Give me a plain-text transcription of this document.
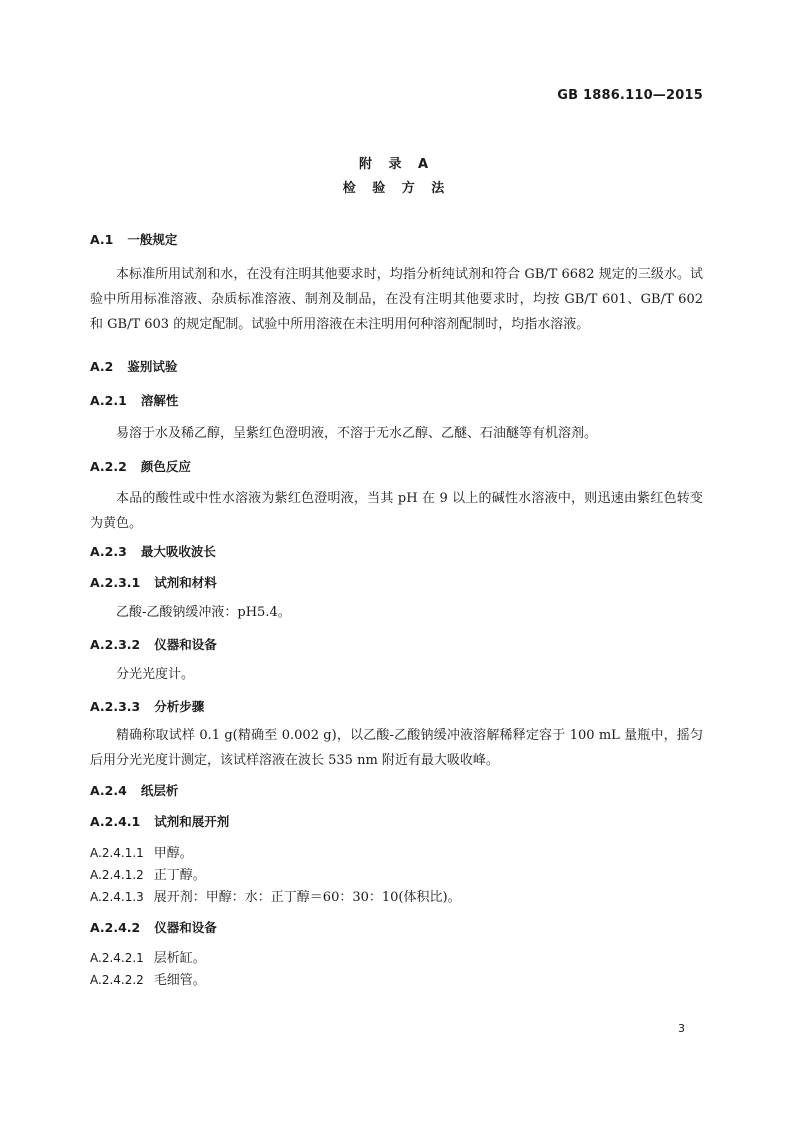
GB 1886.110—2015
附 录 A
检 验 方 法
A.1 一般规定
本标准所用试剂和水，在没有注明其他要求时，均指分析纯试剂和符合 GB/T 6682 规定的三级水。试验中所用标准溶液、杂质标准溶液、制剂及制品，在没有注明其他要求时，均按 GB/T 601、GB/T 602 和 GB/T 603 的规定配制。试验中所用溶液在未注明用何种溶剂配制时，均指水溶液。
A.2 鉴别试验
A.2.1 溶解性
易溶于水及稀乙醇，呈紫红色澄明液，不溶于无水乙醇、乙醚、石油醚等有机溶剂。
A.2.2 颜色反应
本品的酸性或中性水溶液为紫红色澄明液，当其 pH 在 9 以上的碱性水溶液中，则迅速由紫红色转变为黄色。
A.2.3 最大吸收波长
A.2.3.1 试剂和材料
乙酸-乙酸钠缓冲液：pH5.4。
A.2.3.2 仪器和设备
分光光度计。
A.2.3.3 分析步骤
精确称取试样 0.1 g(精确至 0.002 g)，以乙酸-乙酸钠缓冲液溶解稀释定容于 100 mL 量瓶中，摇匀后用分光光度计测定，该试样溶液在波长 535 nm 附近有最大吸收峰。
A.2.4 纸层析
A.2.4.1 试剂和展开剂
A.2.4.1.1 甲醇。
A.2.4.1.2 正丁醇。
A.2.4.1.3 展开剂：甲醇：水：正丁醇＝60：30：10(体积比)。
A.2.4.2 仪器和设备
A.2.4.2.1 层析缸。
A.2.4.2.2 毛细管。
3
